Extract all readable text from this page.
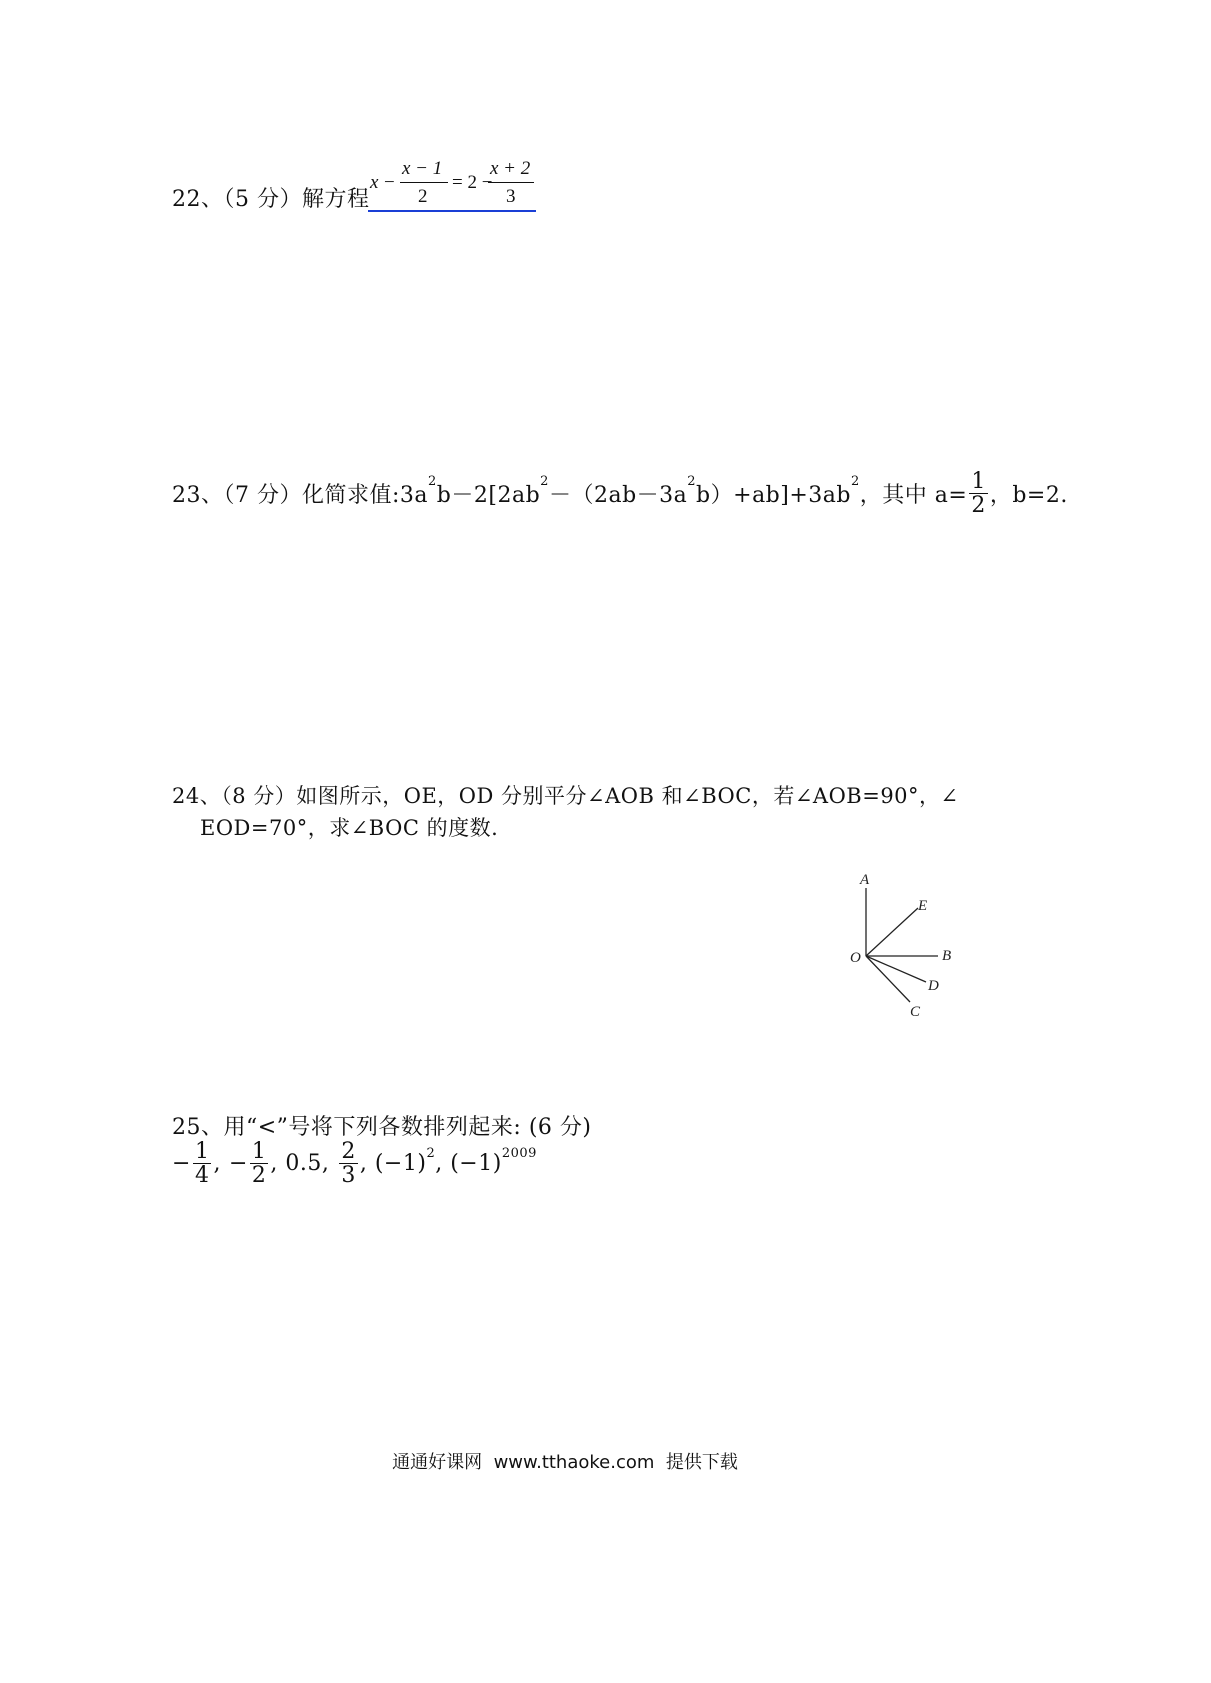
22、（5 分）解方程
x −
x − 1
2
= 2 −
x + 2
3
23、（7 分）化简求值:3a
$^2$
b－2[2ab
$^2$
－（2ab－3a
$^2$
b）+ab]+3ab
$^2$
，其中 $a= \frac{1}{2}$ ，b=2.
24、（8 分）如图所示，OE，OD 分别平分∠AOB 和∠BOC，若∠AOB=90°，∠
EOD=70°，求∠BOC 的度数.
A
E
O	B
D
C
25、用“<”号将下列各数排列起来: (6 分)
− $\frac{1}{4}$ , − $\frac{1}{2}$ , 0.5, $\frac{2}{3}$ , $(-1)^2$ , $(-1)^{2009}$
通通好课网  www.tthaoke.com  提供下载
